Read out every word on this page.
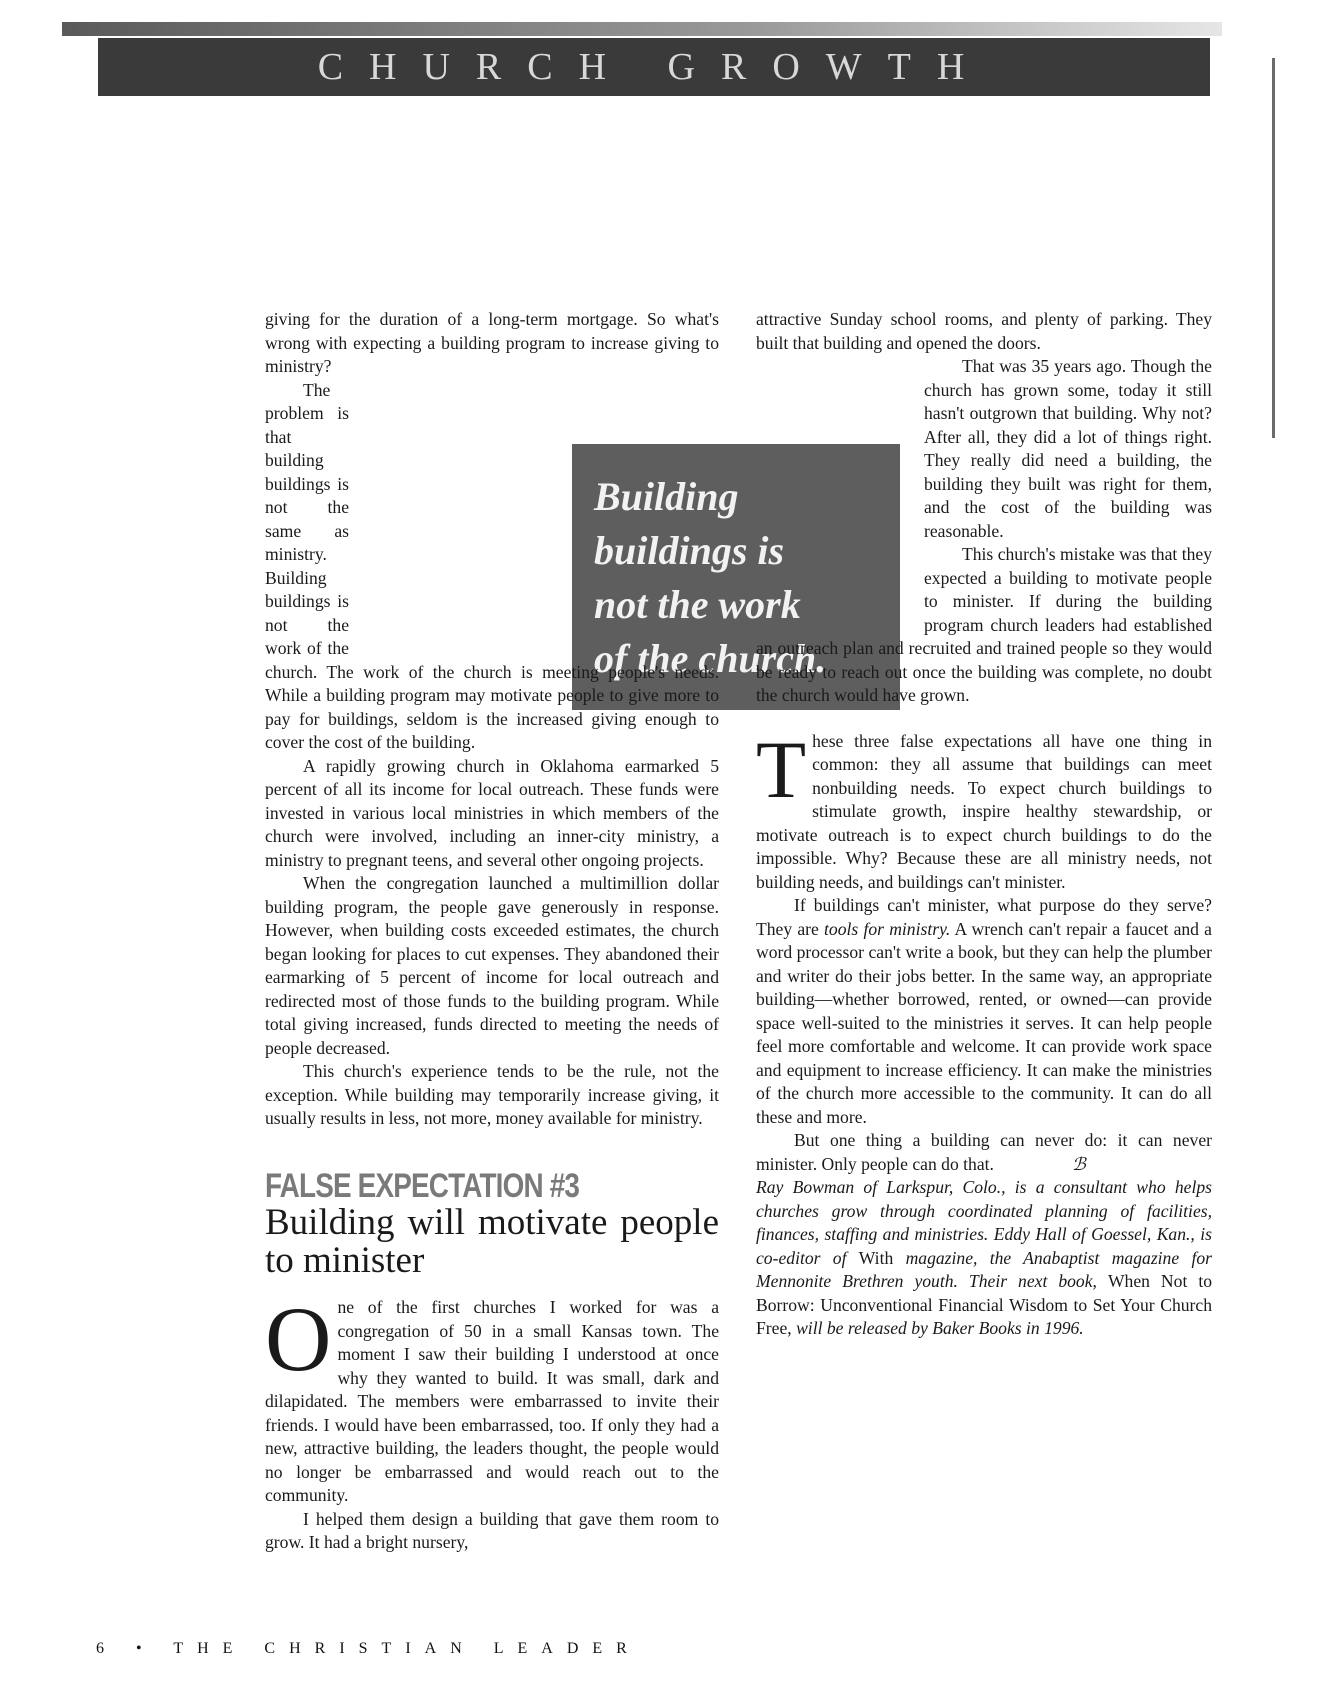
CHURCH GROWTH
Building
buildings is
not the work
of the church.

giving for the duration of a long-term mortgage. So what's wrong with expecting a building program to increase giving to ministry?

The problem is that building buildings is not the same as ministry. Building buildings is not the work of the church. The work of the church is meeting people's needs. While a building program may motivate people to give more to pay for buildings, seldom is the increased giving enough to cover the cost of the building.

A rapidly growing church in Oklahoma earmarked 5 percent of all its income for local outreach. These funds were invested in various local ministries in which members of the church were involved, including an inner-city ministry, a ministry to pregnant teens, and several other ongoing projects.

When the congregation launched a multimillion dollar building program, the people gave generously in response. However, when building costs exceeded estimates, the church began looking for places to cut expenses. They abandoned their earmarking of 5 percent of income for local outreach and redirected most of those funds to the building program. While total giving increased, funds directed to meeting the needs of people decreased.

This church's experience tends to be the rule, not the exception. While building may temporarily increase giving, it usually results in less, not more, money available for ministry.

FALSE EXPECTATION #3
Building will motivate people to minister

One of the first churches I worked for was a congregation of 50 in a small Kansas town. The moment I saw their building I understood at once why they wanted to build. It was small, dark and dilapidated. The members were embarrassed to invite their friends. I would have been embarrassed, too. If only they had a new, attractive building, the leaders thought, the people would no longer be embarrassed and would reach out to the community.

I helped them design a building that gave them room to grow. It had a bright nursery,

attractive Sunday school rooms, and plenty of parking. They built that building and opened the doors.

That was 35 years ago. Though the church has grown some, today it still hasn't outgrown that building. Why not? After all, they did a lot of things right. They really did need a building, the building they built was right for them, and the cost of the building was reasonable.

This church's mistake was that they expected a building to motivate people to minister. If during the building program church leaders had established an outreach plan and recruited and trained people so they would be ready to reach out once the building was complete, no doubt the church would have grown.

These three false expectations all have one thing in common: they all assume that buildings can meet nonbuilding needs. To expect church buildings to stimulate growth, inspire healthy stewardship, or motivate outreach is to expect church buildings to do the impossible. Why? Because these are all ministry needs, not building needs, and buildings can't minister.

If buildings can't minister, what purpose do they serve? They are tools for ministry. A wrench can't repair a faucet and a word processor can't write a book, but they can help the plumber and writer do their jobs better. In the same way, an appropriate building—whether borrowed, rented, or owned—can provide space well-suited to the ministries it serves. It can help people feel more comfortable and welcome. It can provide work space and equipment to increase efficiency. It can make the ministries of the church more accessible to the community. It can do all these and more.

But one thing a building can never do: it can never minister. Only people can do that.	ℬ

Ray Bowman of Larkspur, Colo., is a consultant who helps churches grow through coordinated planning of facilities, finances, staffing and ministries. Eddy Hall of Goessel, Kan., is co-editor of With magazine, the Anabaptist magazine for Mennonite Brethren youth. Their next book, When Not to Borrow: Unconventional Financial Wisdom to Set Your Church Free, will be released by Baker Books in 1996.

6 • THE CHRISTIAN LEADER
